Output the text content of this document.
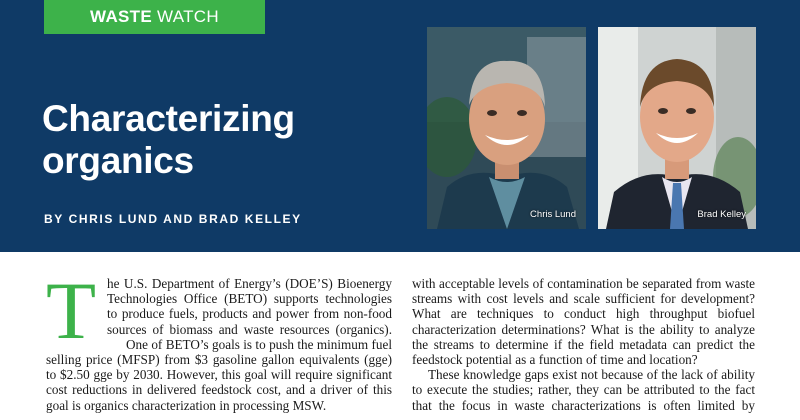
WASTE WATCH
Characterizing
organics
BY CHRIS LUND AND BRAD KELLEY	Chris Lund	Brad Kelley
T he U.S. Department of Energy’s (DOE’S) Bioenergy
Technologies Office (BETO) supports technologies
to produce fuels, products and power from non-food
sources of biomass and waste resources (organics).
One of BETO’s goals is to push the minimum fuel
selling price (MFSP) from $3 gasoline gallon equivalents (gge)
to $2.50 gge by 2030. However, this goal will require significant
cost reductions in delivered feedstock cost, and a driver of this
goal is organics characterization in processing MSW.
with acceptable levels of contamination be separated from waste
streams with cost levels and scale sufficient for development?
What are techniques to conduct high throughput biofuel
characterization determinations? What is the ability to analyze
the streams to determine if the field metadata can predict the
feedstock potential as a function of time and location?
These knowledge gaps exist not because of the lack of ability
to execute the studies; rather, they can be attributed to the fact
that the focus in waste characterizations is often limited by
